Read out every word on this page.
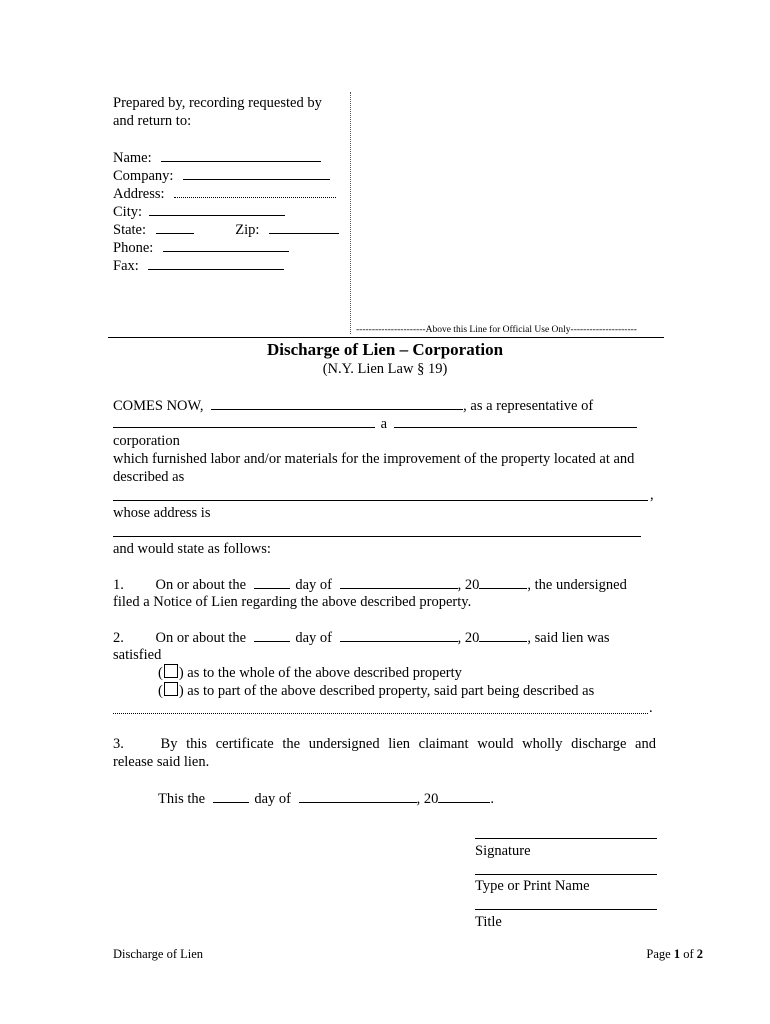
Prepared by, recording requested by
and return to:
Name:
Company:
Address:
City:
State:	Zip:
Phone:
Fax:
----------------------Above this Line for Official Use Only---------------------
Discharge of Lien – Corporation
(N.Y. Lien Law § 19)
COMES NOW,	, as a representative of
a
corporation
which furnished labor and/or materials for the improvement of the property located at and
described as
,
whose address is
and would state as follows:
1. On or about the	day of	, 20	, the undersigned
filed a Notice of Lien regarding the above described property.
2. On or about the	day of	, 20	, said lien was
satisfied
( ) as to the whole of the above described property
( ) as to part of the above described property, said part being described as
.
3.	By this certificate the undersigned lien claimant would wholly discharge and
release said lien.
This the	day of	, 20	.
Signature
Type or Print Name
Title
Discharge of Lien	Page 1 of 2
